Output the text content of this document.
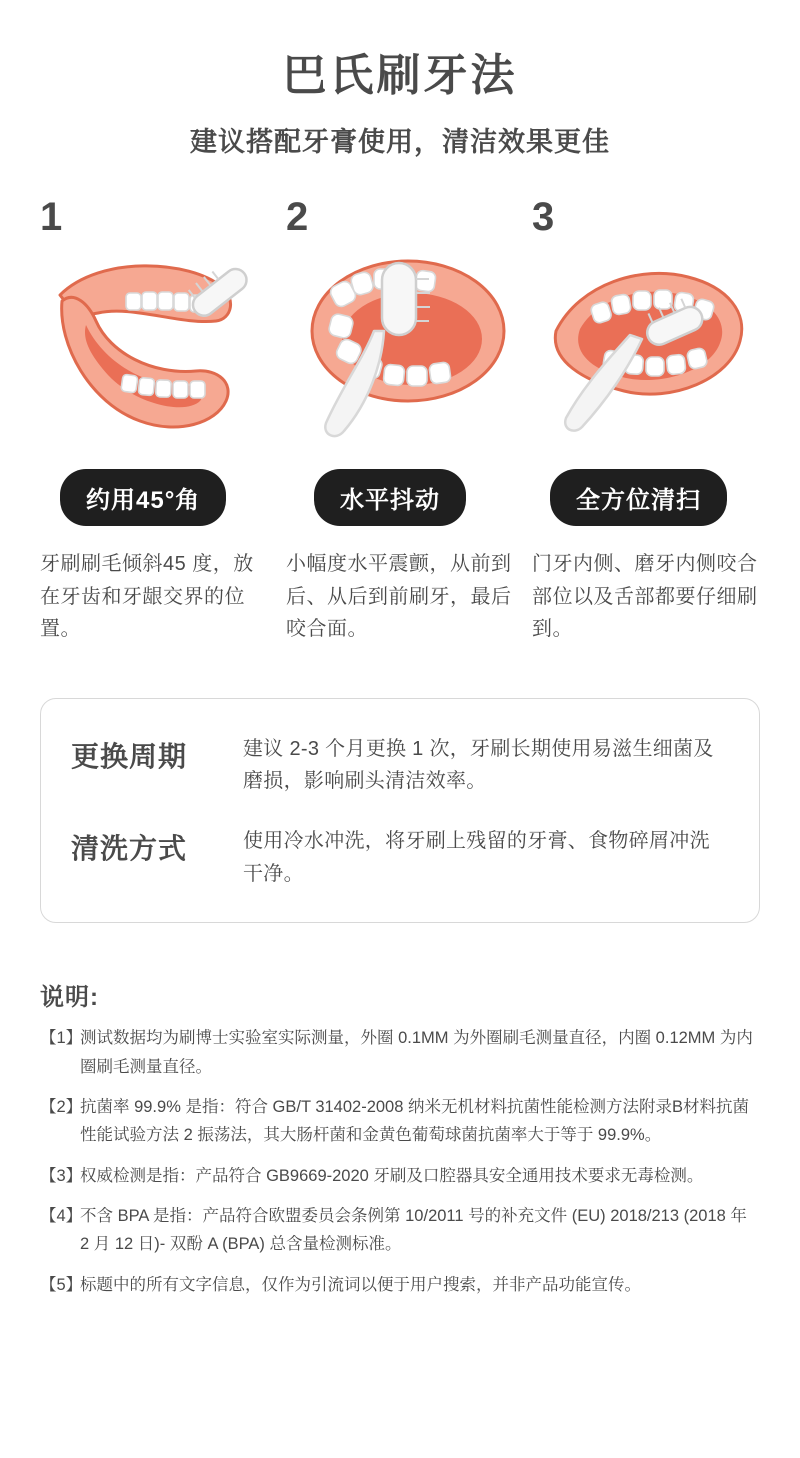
巴氏刷牙法
建议搭配牙膏使用，清洁效果更佳
1
约用45°角
牙刷刷毛倾斜45 度，放在牙齿和牙龈交界的位置。
2
水平抖动
小幅度水平震颤，从前到后、从后到前刷牙，最后咬合面。
3
全方位清扫
门牙内侧、磨牙内侧咬合部位以及舌部都要仔细刷到。
更换周期	建议 2-3 个月更换 1 次，牙刷长期使用易滋生细菌及磨损，影响刷头清洁效率。
清洗方式	使用冷水冲洗，将牙刷上残留的牙膏、食物碎屑冲洗干净。
说明:
【1】
测试数据均为刷博士实验室实际测量，外圈 0.1MM 为外圈刷毛测量直径，内圈 0.12MM 为内圈刷毛测量直径。
【2】
抗菌率 99.9% 是指：符合 GB/T 31402-2008 纳米无机材料抗菌性能检测方法附录B材料抗菌性能试验方法 2 振荡法，其大肠杆菌和金黄色葡萄球菌抗菌率大于等于 99.9%。
【3】
权威检测是指：产品符合 GB9669-2020 牙刷及口腔器具安全通用技术要求无毒检测。
【4】
不含 BPA 是指：产品符合欧盟委员会条例第 10/2011 号的补充文件 (EU) 2018/213 (2018 年 2 月 12 日)- 双酚 A (BPA) 总含量检测标准。
【5】
标题中的所有文字信息，仅作为引流词以便于用户搜索，并非产品功能宣传。
